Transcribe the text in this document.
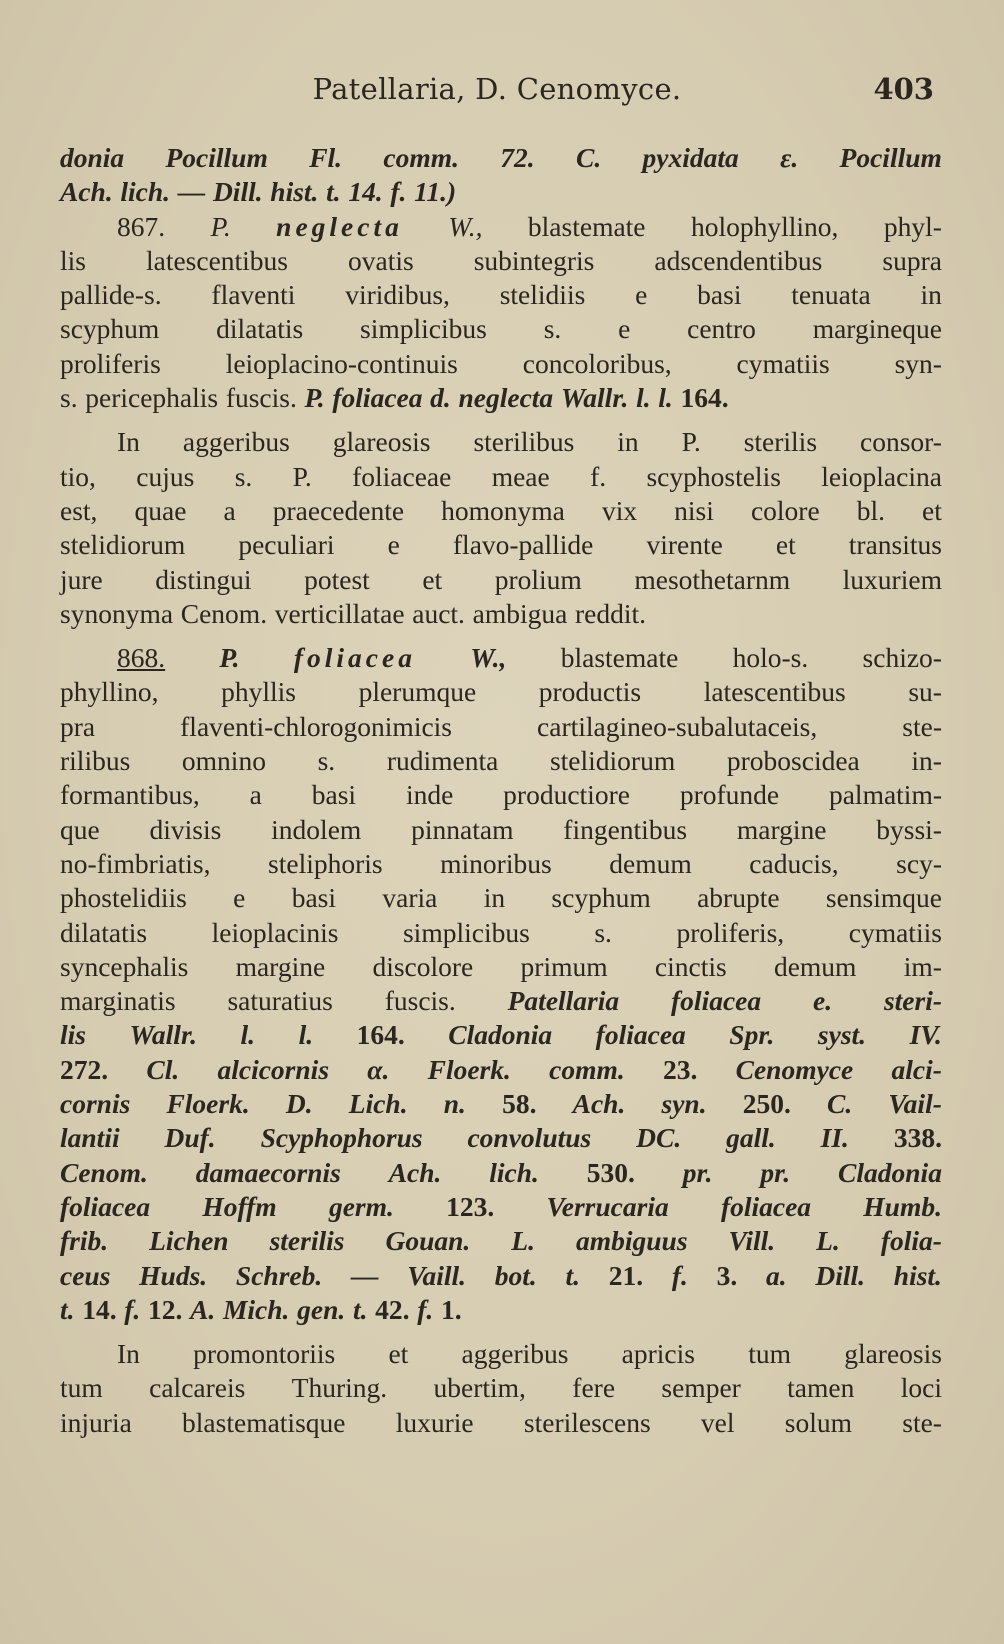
Patellaria, D. Cenomyce.	403
donia Pocillum Fl. comm. 72. C. pyxidata ε. Pocillum
Ach. lich. — Dill. hist. t. 14. f. 11.)
867. P. neglecta W., blastemate holophyllino, phyl-
lis latescentibus ovatis subintegris adscendentibus supra
pallide-s. flaventi viridibus, stelidiis e basi tenuata in
scyphum dilatatis simplicibus s. e centro margineque
proliferis leioplacino-continuis concoloribus, cymatiis syn-
s. pericephalis fuscis. P. foliacea d. neglecta Wallr. l. l. 164.
In aggeribus glareosis sterilibus in P. sterilis consor-
tio, cujus s. P. foliaceae meae f. scyphostelis leioplacina
est, quae a praecedente homonyma vix nisi colore bl. et
stelidiorum peculiari e flavo-pallide virente et transitus
jure distingui potest et prolium mesothetarnm luxuriem
synonyma Cenom. verticillatae auct. ambigua reddit.
868. P. foliacea W., blastemate holo-s. schizo-
phyllino, phyllis plerumque productis latescentibus su-
pra	flaventi-chlorogonimicis	cartilagineo-subalutaceis,	ste-
rilibus omnino s. rudimenta stelidiorum proboscidea in-
formantibus, a basi inde productiore profunde palmatim-
que divisis indolem pinnatam fingentibus margine byssi-
no-fimbriatis, steliphoris minoribus demum caducis, scy-
phostelidiis e basi varia in scyphum abrupte sensimque
dilatatis leioplacinis simplicibus s. proliferis, cymatiis
syncephalis margine discolore primum cinctis demum im-
marginatis saturatius fuscis. Patellaria foliacea e. steri-
lis Wallr. l. l. 164. Cladonia foliacea Spr. syst. IV.
272. Cl. alcicornis α. Floerk. comm. 23. Cenomyce alci-
cornis Floerk. D. Lich. n. 58. Ach. syn. 250. C. Vail-
lantii Duf. Scyphophorus convolutus DC. gall. II. 338.
Cenom. damaecornis Ach. lich. 530. pr. pr. Cladonia
foliacea Hoffm germ. 123. Verrucaria foliacea Humb.
frib. Lichen sterilis Gouan. L. ambiguus Vill. L. folia-
ceus Huds. Schreb. — Vaill. bot. t. 21. f. 3. a. Dill. hist.
t. 14. f. 12. A. Mich. gen. t. 42. f. 1.
In promontoriis et aggeribus apricis tum glareosis
tum calcareis Thuring. ubertim, fere semper tamen loci
injuria blastematisque luxurie sterilescens vel solum ste-
